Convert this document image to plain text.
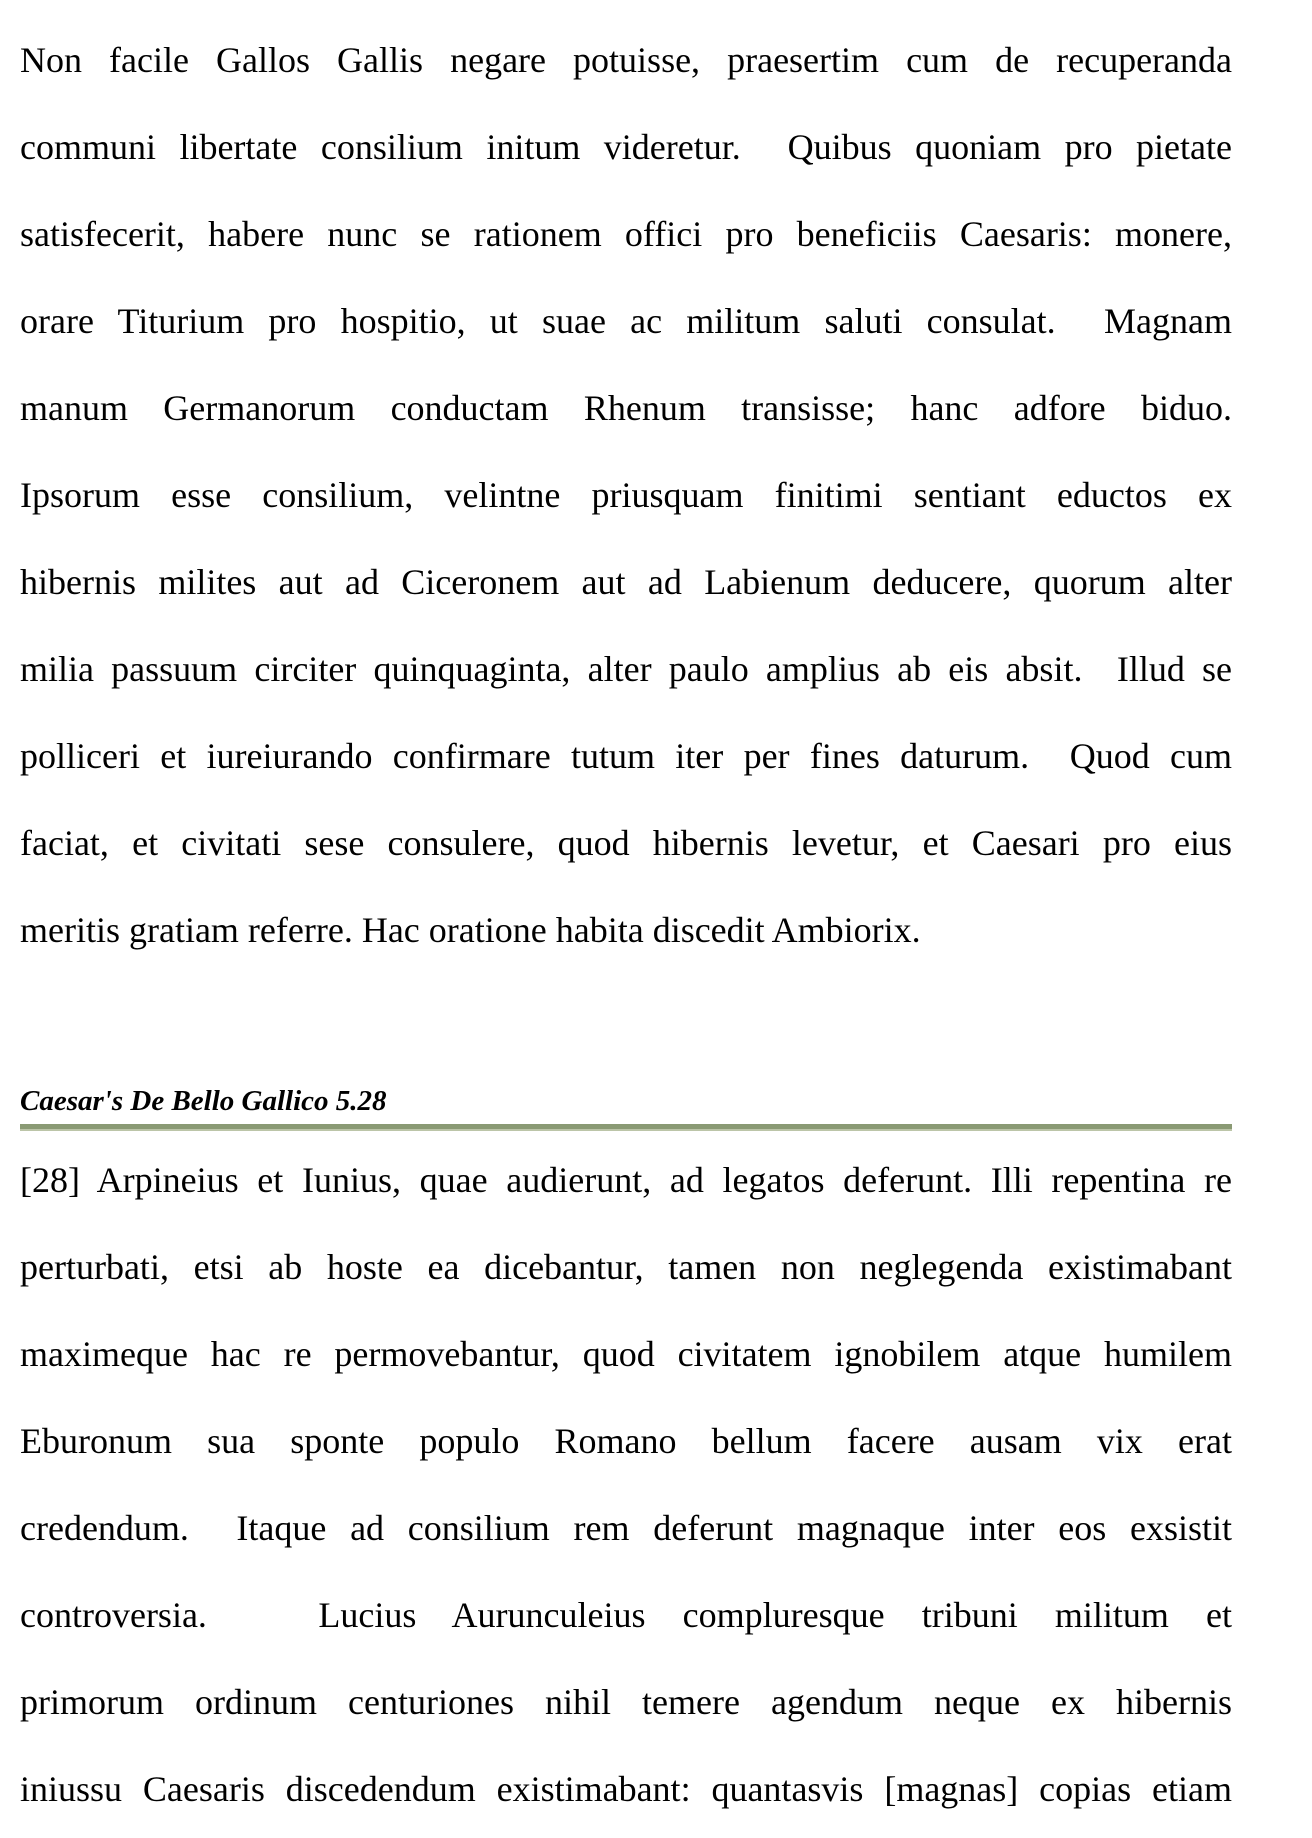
Non facile Gallos Gallis negare potuisse, praesertim cum de recuperanda
communi libertate consilium initum videretur.  Quibus quoniam pro pietate
satisfecerit, habere nunc se rationem offici pro beneficiis Caesaris: monere,
orare Titurium pro hospitio, ut suae ac militum saluti consulat.  Magnam
manum Germanorum conductam Rhenum transisse; hanc adfore biduo.
Ipsorum esse consilium, velintne priusquam finitimi sentiant eductos ex
hibernis milites aut ad Ciceronem aut ad Labienum deducere, quorum alter
milia passuum circiter quinquaginta, alter paulo amplius ab eis absit.  Illud se
polliceri et iureiurando confirmare tutum iter per fines daturum.  Quod cum
faciat, et civitati sese consulere, quod hibernis levetur, et Caesari pro eius
meritis gratiam referre. Hac oratione habita discedit Ambiorix.
Caesar's De Bello Gallico 5.28
[28] Arpineius et Iunius, quae audierunt, ad legatos deferunt. Illi repentina re
perturbati, etsi ab hoste ea dicebantur, tamen non neglegenda existimabant
maximeque hac re permovebantur, quod civitatem ignobilem atque humilem
Eburonum sua sponte populo Romano bellum facere ausam vix erat
credendum.  Itaque ad consilium rem deferunt magnaque inter eos exsistit
controversia.   Lucius Aurunculeius compluresque tribuni militum et
primorum ordinum centuriones nihil temere agendum neque ex hibernis
iniussu Caesaris discedendum existimabant: quantasvis [magnas] copias etiam
